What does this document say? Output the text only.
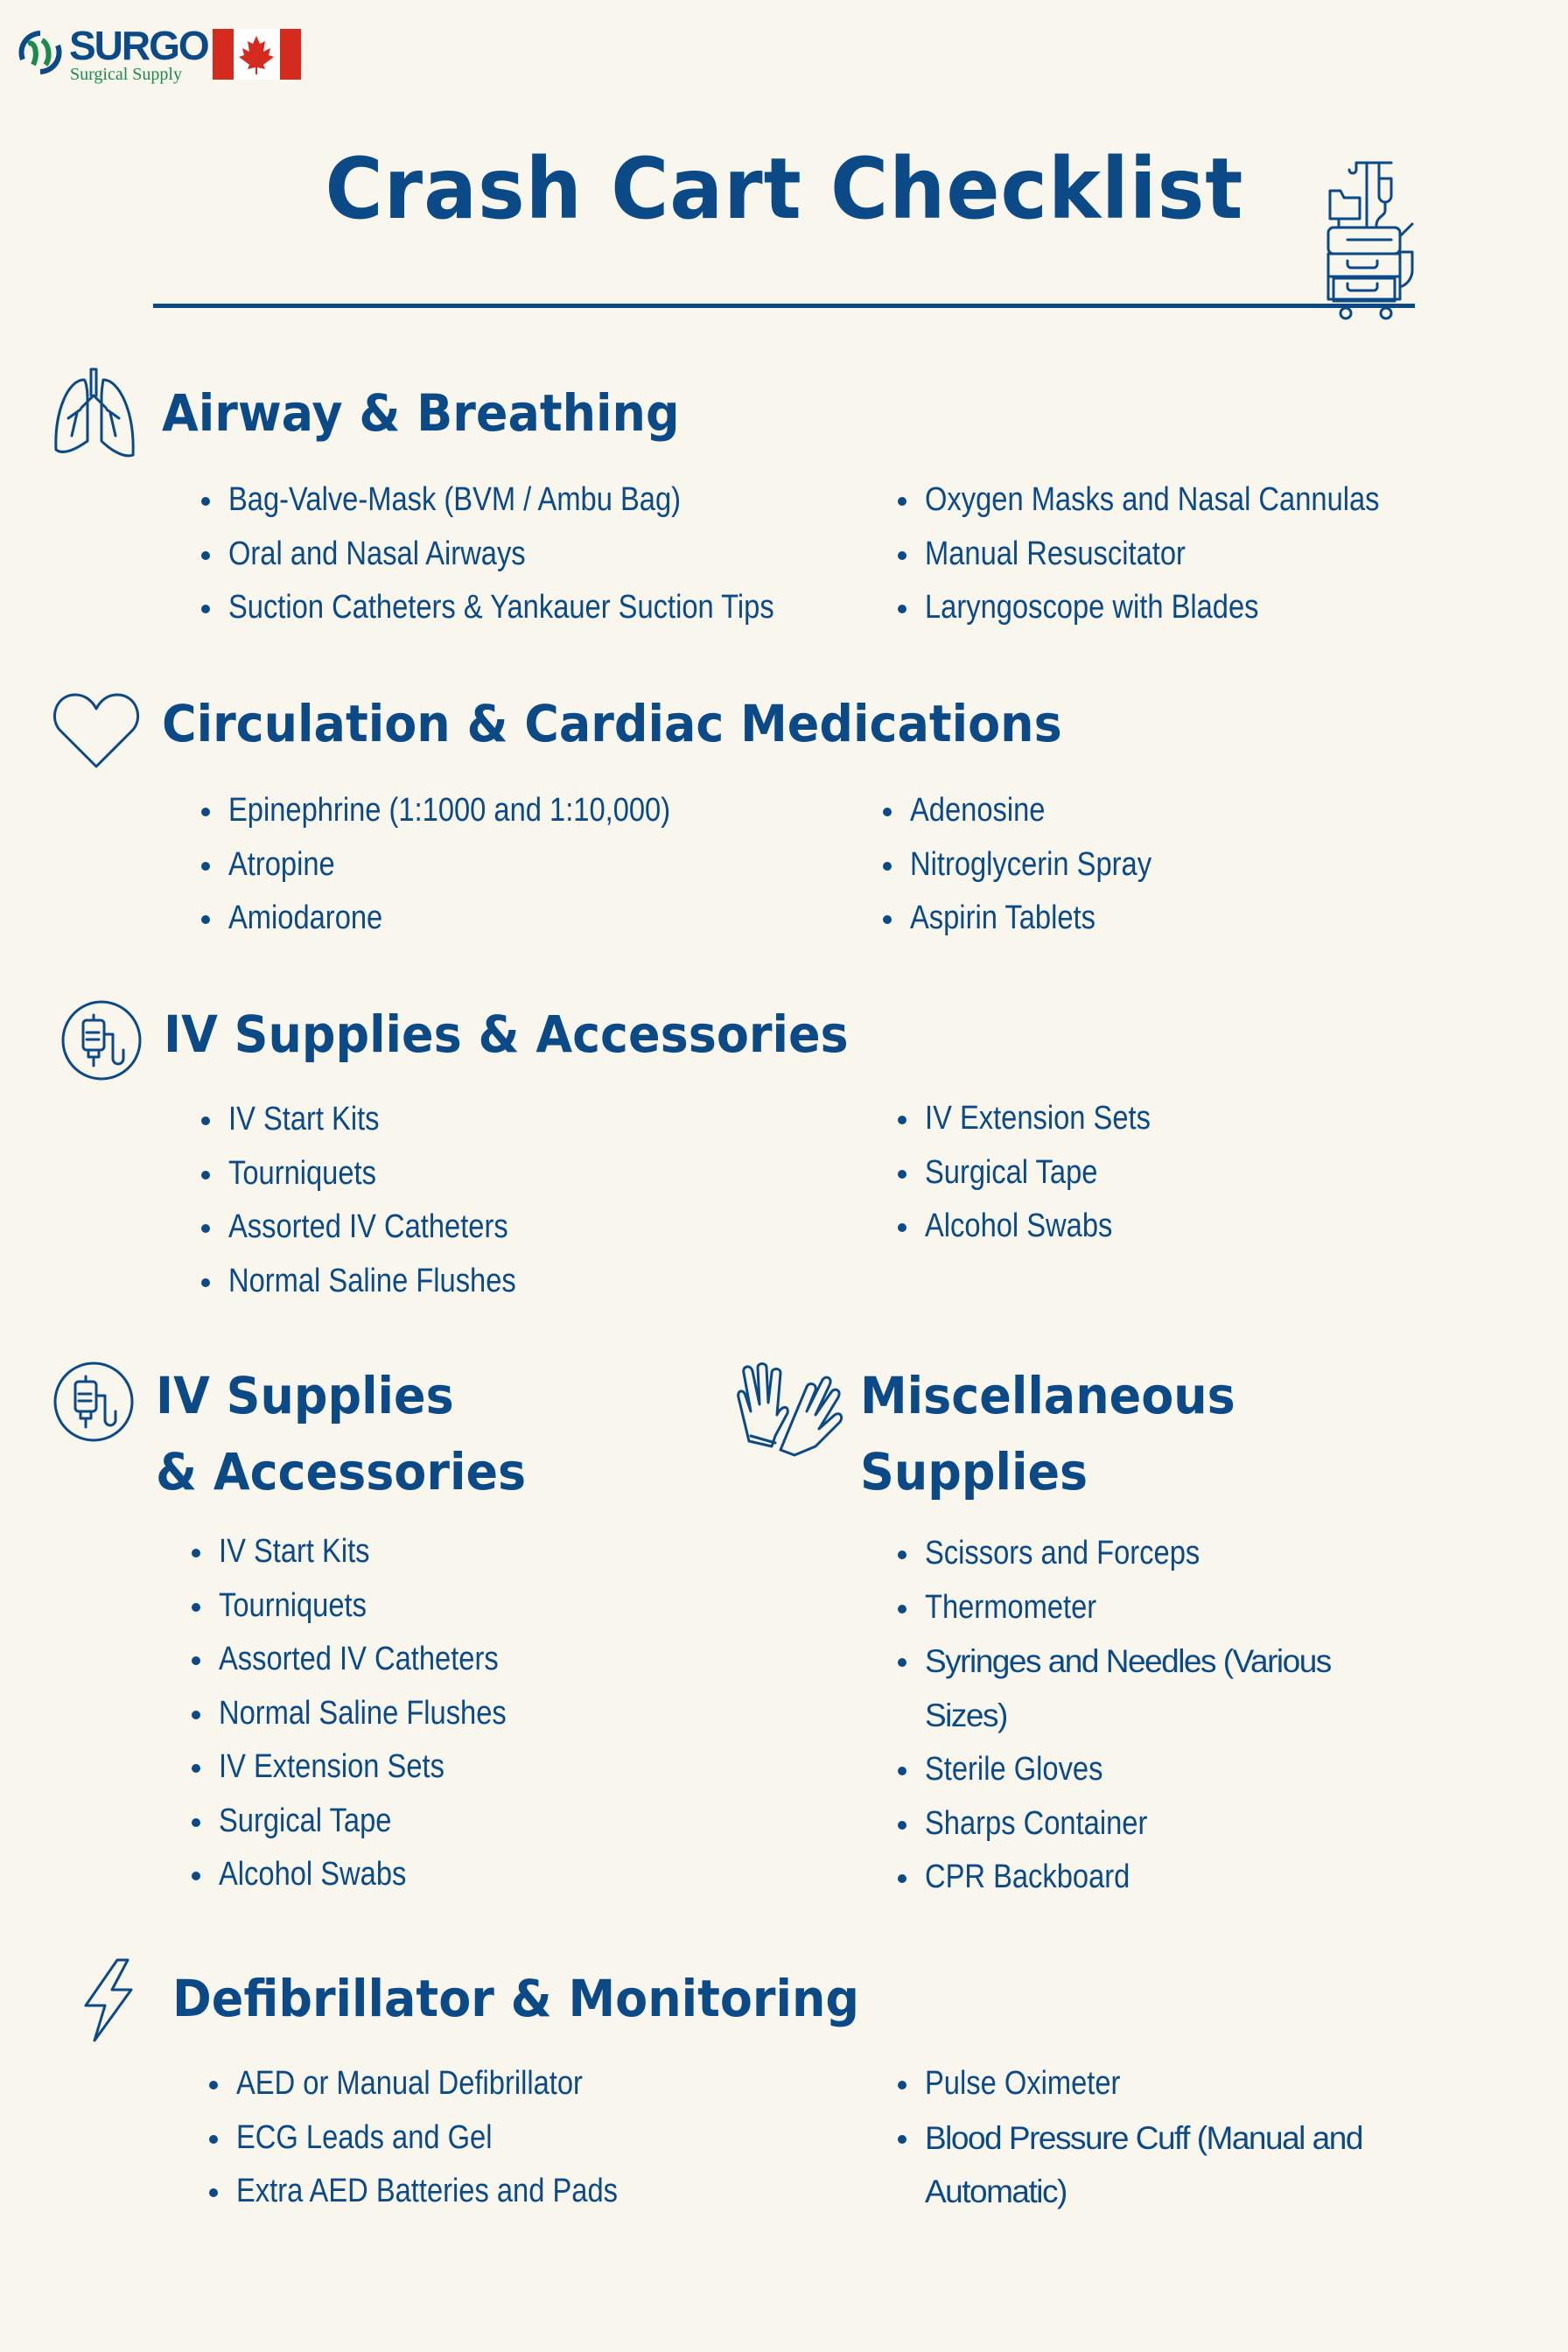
SURGO
Surgical Supply
Crash Cart Checklist
Airway & Breathing
Bag-Valve-Mask (BVM / Ambu Bag)
Oral and Nasal Airways
Suction Catheters & Yankauer Suction Tips
Oxygen Masks and Nasal Cannulas
Manual Resuscitator
Laryngoscope with Blades
Circulation & Cardiac Medications
Epinephrine (1:1000 and 1:10,000)
Atropine
Amiodarone
Adenosine
Nitroglycerin Spray
Aspirin Tablets
IV Supplies & Accessories
IV Start Kits
Tourniquets
Assorted IV Catheters
Normal Saline Flushes
IV Extension Sets
Surgical Tape
Alcohol Swabs
IV Supplies
& Accessories
IV Start Kits
Tourniquets
Assorted IV Catheters
Normal Saline Flushes
IV Extension Sets
Surgical Tape
Alcohol Swabs
Miscellaneous
Supplies
Scissors and Forceps
Thermometer
Syringes and Needles (Various Sizes)
Sterile Gloves
Sharps Container
CPR Backboard
Defibrillator & Monitoring
AED or Manual Defibrillator
ECG Leads and Gel
Extra AED Batteries and Pads
Pulse Oximeter
Blood Pressure Cuff (Manual and Automatic)
